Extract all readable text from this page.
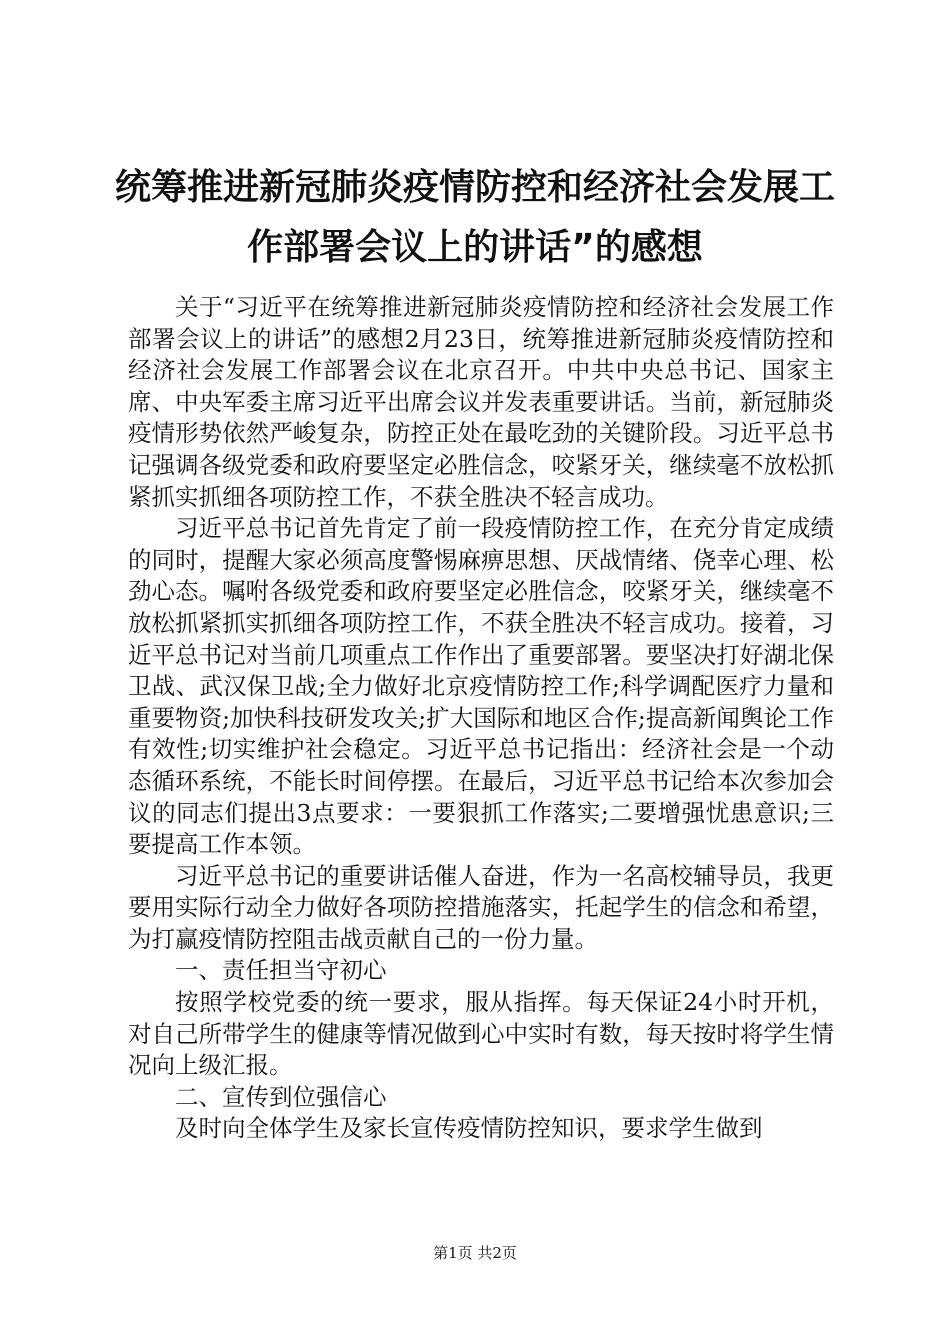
统筹推进新冠肺炎疫情防控和经济社会发展工作部署会议上的讲话”的感想

关于“习近平在统筹推进新冠肺炎疫情防控和经济社会发展工作部署会议上的讲话”的感想2月23日，统筹推进新冠肺炎疫情防控和经济社会发展工作部署会议在北京召开。中共中央总书记、国家主席、中央军委主席习近平出席会议并发表重要讲话。当前，新冠肺炎疫情形势依然严峻复杂，防控正处在最吃劲的关键阶段。习近平总书记强调各级党委和政府要坚定必胜信念，咬紧牙关，继续毫不放松抓紧抓实抓细各项防控工作，不获全胜决不轻言成功。

习近平总书记首先肯定了前一段疫情防控工作，在充分肯定成绩的同时，提醒大家必须高度警惕麻痹思想、厌战情绪、侥幸心理、松劲心态。嘱咐各级党委和政府要坚定必胜信念，咬紧牙关，继续毫不放松抓紧抓实抓细各项防控工作，不获全胜决不轻言成功。接着，习近平总书记对当前几项重点工作作出了重要部署。要坚决打好湖北保卫战、武汉保卫战;全力做好北京疫情防控工作;科学调配医疗力量和重要物资;加快科技研发攻关;扩大国际和地区合作;提高新闻舆论工作有效性;切实维护社会稳定。习近平总书记指出：经济社会是一个动态循环系统，不能长时间停摆。在最后，习近平总书记给本次参加会议的同志们提出3点要求：一要狠抓工作落实;二要增强忧患意识;三要提高工作本领。

习近平总书记的重要讲话催人奋进，作为一名高校辅导员，我更要用实际行动全力做好各项防控措施落实，托起学生的信念和希望，为打赢疫情防控阻击战贡献自己的一份力量。

一、责任担当守初心

按照学校党委的统一要求，服从指挥。每天保证24小时开机，对自己所带学生的健康等情况做到心中实时有数，每天按时将学生情况向上级汇报。

二、宣传到位强信心

及时向全体学生及家长宣传疫情防控知识，要求学生做到

第1页 共2页
